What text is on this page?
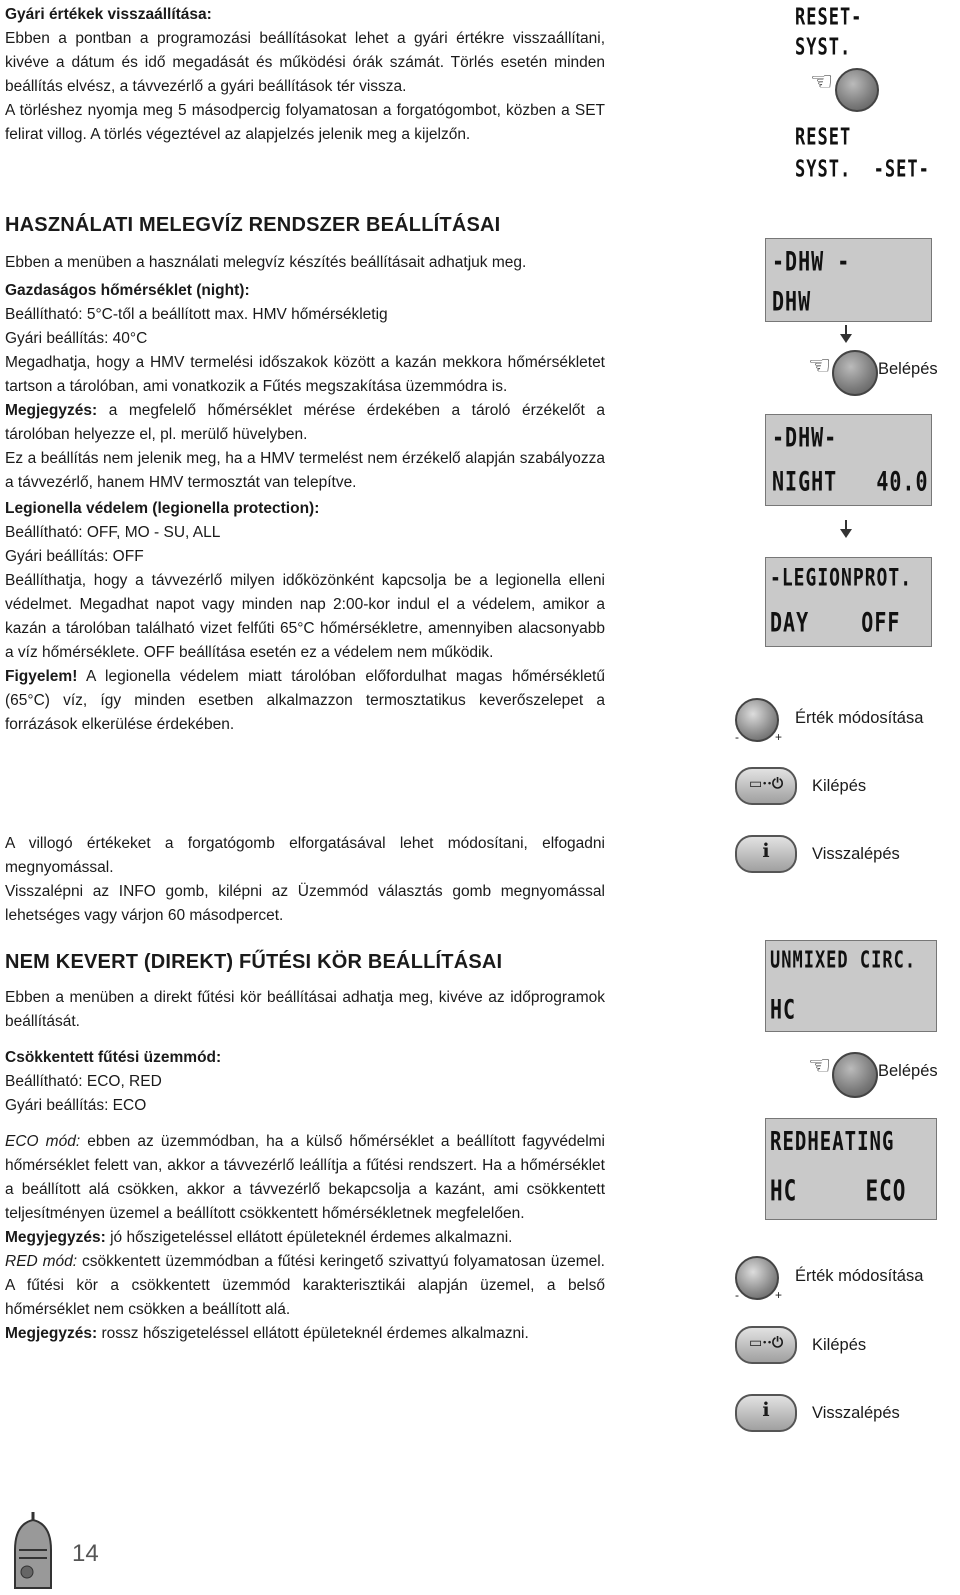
Gyári értékek visszaállítása:

Ebben a pontban a programozási beállításokat lehet a gyári értékre visszaállítani, kivéve a dátum és idő megadását és működési órák számát. Törlés esetén minden beállítás elvész, a távvezérlő a gyári beállítások tér vissza.

A törléshez nyomja meg 5 másodpercig folyamatosan a forgatógombot, közben a SET felirat villog. A törlés végeztével az alapjelzés jelenik meg a kijelzőn.

HASZNÁLATI MELEGVÍZ RENDSZER BEÁLLÍTÁSAI

Ebben a menüben a használati melegvíz készítés beállításait adhatjuk meg.

Gazdaságos hőmérséklet (night):

Beállítható: 5°C-től a beállított max. HMV hőmérsékletig

Gyári beállítás: 40°C

Megadhatja, hogy a HMV termelési időszakok között a kazán mekkora hőmérsékletet tartson a tárolóban, ami vonatkozik a Fűtés megszakítása üzemmódra is.

Megjegyzés: a megfelelő hőmérséklet mérése érdekében a tároló érzékelőt a tárolóban helyezze el, pl. merülő hüvelyben.

Ez a beállítás nem jelenik meg, ha a HMV termelést nem érzékelő alapján szabályozza a távvezérlő, hanem HMV termosztát van telepítve.

Legionella védelem (legionella protection):

Beállítható: OFF, MO - SU, ALL

Gyári beállítás: OFF

Beállíthatja, hogy a távvezérlő milyen időközönként kapcsolja be a legionella elleni védelmet. Megadhat napot vagy minden nap 2:00-kor indul el a védelem, amikor a kazán a tárolóban található vizet felfűti 65°C hőmérsékletre, amennyiben alacsonyabb a víz hőmérséklete. OFF beállítása esetén ez a védelem nem működik.

Figyelem! A legionella védelem miatt tárolóban előfordulhat magas hőmérsékletű (65°C) víz, így minden esetben alkalmazzon termosztatikus keverőszelepet a forrázások elkerülése érdekében.

A villogó értékeket a forgatógomb elforgatásával lehet módosítani, elfogadni megnyomással.

Visszalépni az INFO gomb, kilépni az Üzemmód választás gomb megnyomással lehetséges vagy várjon 60 másodpercet.

NEM KEVERT (DIREKT) FŰTÉSI KÖR BEÁLLÍTÁSAI

Ebben a menüben a direkt fűtési kör beállításai adhatja meg, kivéve az időprogramok beállítását.

Csökkentett fűtési üzemmód:

Beállítható: ECO, RED

Gyári beállítás: ECO

ECO mód: ebben az üzemmódban, ha a külső hőmérséklet a beállított fagyvédelmi hőmérséklet felett van, akkor a távvezérlő leállítja a fűtési rendszert. Ha a hőmérséklet a beállított alá csökken, akkor a távvezérlő bekapcsolja a kazánt, ami csökkentett teljesítményen üzemel a beállított csökkentett hőmérsékletnek megfelelően.

Megyjegyzés: jó hőszigeteléssel ellátott épületeknél érdemes alkalmazni.

RED mód: csökkentett üzemmódban a fűtési keringető szivattyú folyamatosan üzemel. A fűtési kör a csökkentett üzemmód karakterisztikái alapján üzemel, a belső hőmérséklet nem csökken a beállított alá.

Megjegyzés: rossz hőszigeteléssel ellátott épületeknél érdemes alkalmazni.

RESET-
SYST.
☜
RESET
SYST.  -SET-
-DHW -
DHW
☜	Belépés
-DHW-
NIGHT   40.0
-LEGIONPROT.
DAY    OFF
-	+
Érték módosítása
▭··⏻	Kilépés
i	Visszalépés
UNMIXED CIRC.
HC
☜	Belépés
REDHEATING
HC     ECO
-	+
Érték módosítása
▭··⏻	Kilépés
i	Visszalépés
14
